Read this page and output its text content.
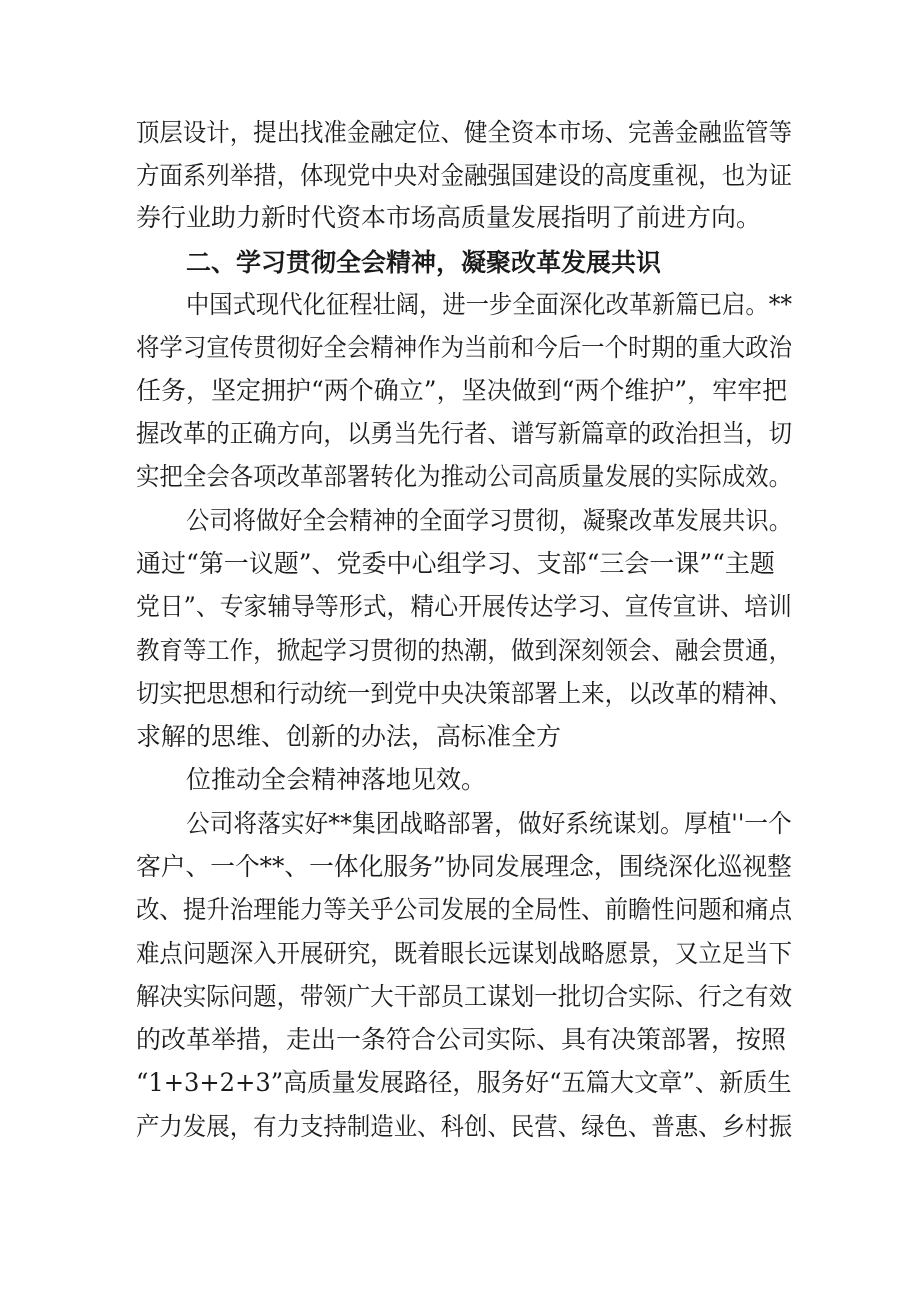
顶层设计，提出找准金融定位、健全资本市场、完善金融监管等
方面系列举措，体现党中央对金融强国建设的高度重视，也为证
券行业助力新时代资本市场高质量发展指明了前进方向。
二、学习贯彻全会精神，凝聚改革发展共识
中国式现代化征程壮阔，进一步全面深化改革新篇已启。**
将学习宣传贯彻好全会精神作为当前和今后一个时期的重大政治
任务，坚定拥护“两个确立”，坚决做到“两个维护”，牢牢把
握改革的正确方向，以勇当先行者、谱写新篇章的政治担当，切
实把全会各项改革部署转化为推动公司高质量发展的实际成效。
公司将做好全会精神的全面学习贯彻，凝聚改革发展共识。
通过“第一议题”、党委中心组学习、支部“三会一课”“主题
党日”、专家辅导等形式，精心开展传达学习、宣传宣讲、培训
教育等工作，掀起学习贯彻的热潮，做到深刻领会、融会贯通，
切实把思想和行动统一到党中央决策部署上来，以改革的精神、
求解的思维、创新的办法，高标准全方
位推动全会精神落地见效。
公司将落实好**集团战略部署，做好系统谋划。厚植''一个
客户、一个**、一体化服务”协同发展理念，围绕深化巡视整
改、提升治理能力等关乎公司发展的全局性、前瞻性问题和痛点
难点问题深入开展研究，既着眼长远谋划战略愿景，又立足当下
解决实际问题，带领广大干部员工谋划一批切合实际、行之有效
的改革举措，走出一条符合公司实际、具有决策部署，按照
“1+3+2+3”高质量发展路径，服务好“五篇大文章”、新质生
产力发展，有力支持制造业、科创、民营、绿色、普惠、乡村振
